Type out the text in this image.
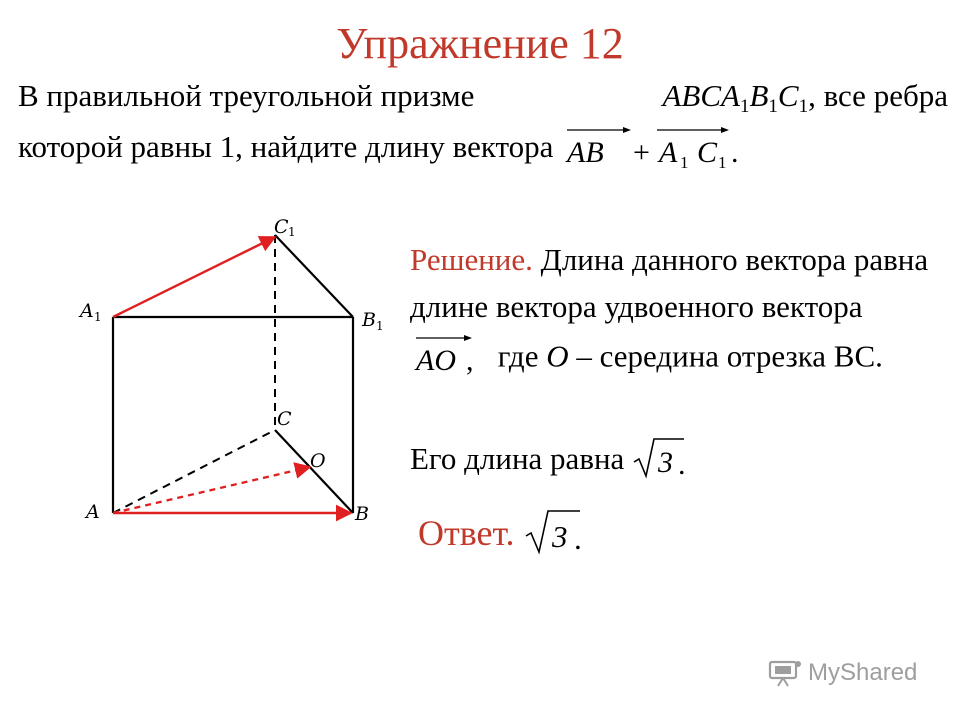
Упражнение 12
В правильной треугольной призме	$ABCA_1B_1C_1$, все ребра
которой равны 1, найдите длину вектора AB A C
+ 1 1 .
C
A	B
C
O
A	B
1
1
1
Решение. Длина данного вектора равна длине вектора удвоенного вектора
AO , где O – середина отрезка ВС.
Его длина равна 3 .
Ответ. 3 .
MyShared
